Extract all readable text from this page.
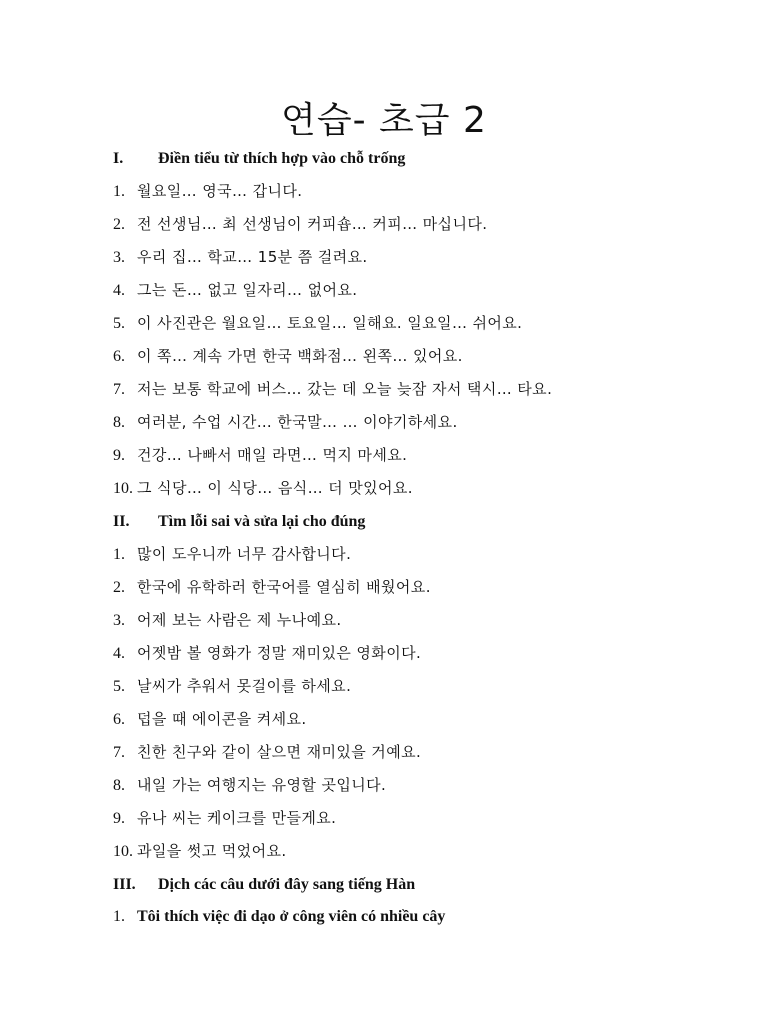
연습- 초급 2
I. Điền tiểu từ thích hợp vào chỗ trống
1. 월요일… 영국… 갑니다.
2. 전 선생님… 최 선생님이 커피숍… 커피… 마십니다.
3. 우리 집… 학교… 15분 쯤 걸려요.
4. 그는 돈… 없고 일자리… 없어요.
5. 이 사진관은 월요일… 토요일… 일해요. 일요일… 쉬어요.
6. 이 쪽… 계속 가면 한국 백화점… 왼쪽… 있어요.
7. 저는 보통 학교에 버스… 갔는 데 오늘 늦잠 자서 택시… 타요.
8. 여러분, 수업 시간… 한국말… … 이야기하세요.
9. 건강… 나빠서 매일 라면… 먹지 마세요.
10. 그 식당… 이 식당… 음식… 더 맛있어요.
II. Tìm lỗi sai và sửa lại cho đúng
1. 많이 도우니까 너무 감사합니다.
2. 한국에 유학하러 한국어를 열심히 배웠어요.
3. 어제 보는 사람은 제 누나예요.
4. 어젯밤 볼 영화가 정말 재미있은 영화이다.
5. 날씨가 추워서 못걸이를 하세요.
6. 덥을 때 에이콘을 켜세요.
7. 친한 친구와 같이 살으면 재미있을 거예요.
8. 내일 가는 여행지는 유영할 곳입니다.
9. 유나 씨는 케이크를 만들게요.
10. 과일을 썻고 먹었어요.
III. Dịch các câu dưới đây sang tiếng Hàn
1. Tôi thích việc đi dạo ở công viên có nhiều cây
